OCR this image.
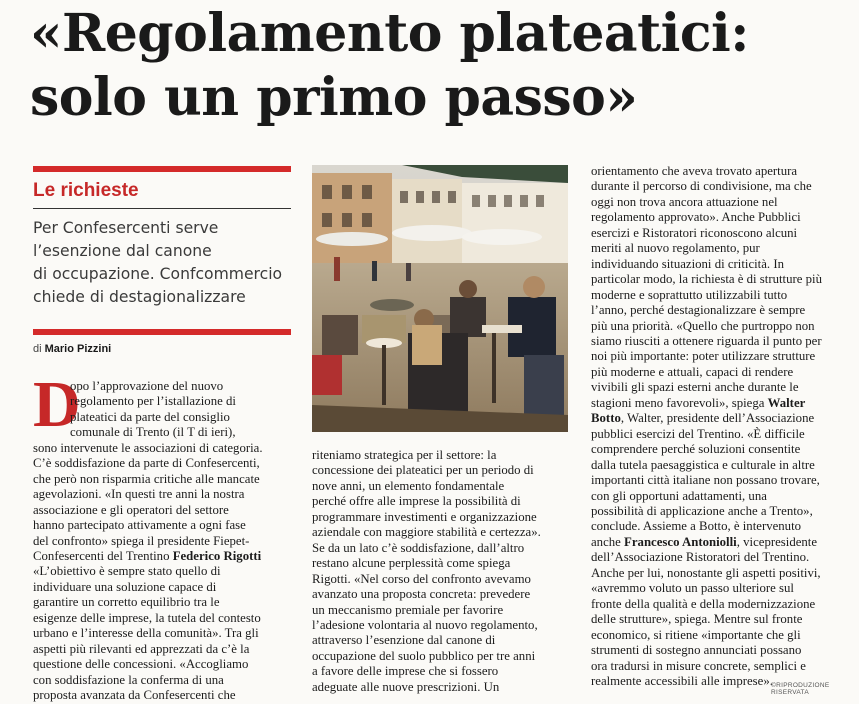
«Regolamento plateatici:
solo un primo passo»
Le richieste
Per Confesercenti serve
l’esenzione dal canone
di occupazione. Confcommercio
chiede di destagionalizzare
di Mario Pizzini
D
opo l’approvazione del nuovo
regolamento per l’istallazione di
plateatici da parte del consiglio
comunale di Trento (il T di ieri),
sono intervenute le associazioni di categoria.
C’è soddisfazione da parte di Confesercenti,
che però non risparmia critiche alle mancate
agevolazioni. «In questi tre anni la nostra
associazione e gli operatori del settore
hanno partecipato attivamente a ogni fase
del confronto» spiega il presidente Fiepet-
Confesercenti del Trentino Federico Rigotti
«L’obiettivo è sempre stato quello di
individuare una soluzione capace di
garantire un corretto equilibrio tra le
esigenze delle imprese, la tutela del contesto
urbano e l’interesse della comunità». Tra gli
aspetti più rilevanti ed apprezzati da c’è la
questione delle concessioni. «Accogliamo
con soddisfazione la conferma di una
proposta avanzata da Confesercenti che
riteniamo strategica per il settore: la
concessione dei plateatici per un periodo di
nove anni, un elemento fondamentale
perché offre alle imprese la possibilità di
programmare investimenti e organizzazione
aziendale con maggiore stabilità e certezza».
Se da un lato c’è soddisfazione, dall’altro
restano alcune perplessità come spiega
Rigotti. «Nel corso del confronto avevamo
avanzato una proposta concreta: prevedere
un meccanismo premiale per favorire
l’adesione volontaria al nuovo regolamento,
attraverso l’esenzione dal canone di
occupazione del suolo pubblico per tre anni
a favore delle imprese che si fossero
adeguate alle nuove prescrizioni. Un
orientamento che aveva trovato apertura
durante il percorso di condivisione, ma che
oggi non trova ancora attuazione nel
regolamento approvato». Anche Pubblici
esercizi e Ristoratori riconoscono alcuni
meriti al nuovo regolamento, pur
individuando situazioni di criticità. In
particolar modo, la richiesta è di strutture più
moderne e soprattutto utilizzabili tutto
l’anno, perché destagionalizzare è sempre
più una priorità. «Quello che purtroppo non
siamo riusciti a ottenere riguarda il punto per
noi più importante: poter utilizzare strutture
più moderne e attuali, capaci di rendere
vivibili gli spazi esterni anche durante le
stagioni meno favorevoli», spiega Walter
Botto, Walter, presidente dell’Associazione
pubblici esercizi del Trentino. «È difficile
comprendere perché soluzioni consentite
dalla tutela paesaggistica e culturale in altre
importanti città italiane non possano trovare,
con gli opportuni adattamenti, una
possibilità di applicazione anche a Trento»,
conclude. Assieme a Botto, è intervenuto
anche Francesco Antoniolli, vicepresidente
dell’Associazione Ristoratori del Trentino.
Anche per lui, nonostante gli aspetti positivi,
«avremmo voluto un passo ulteriore sul
fronte della qualità e della modernizzazione
delle strutture», spiega. Mentre sul fronte
economico, si ritiene «importante che gli
strumenti di sostegno annunciati possano
ora tradursi in misure concrete, semplici e
realmente accessibili alle imprese».
©RIPRODUZIONE RISERVATA
